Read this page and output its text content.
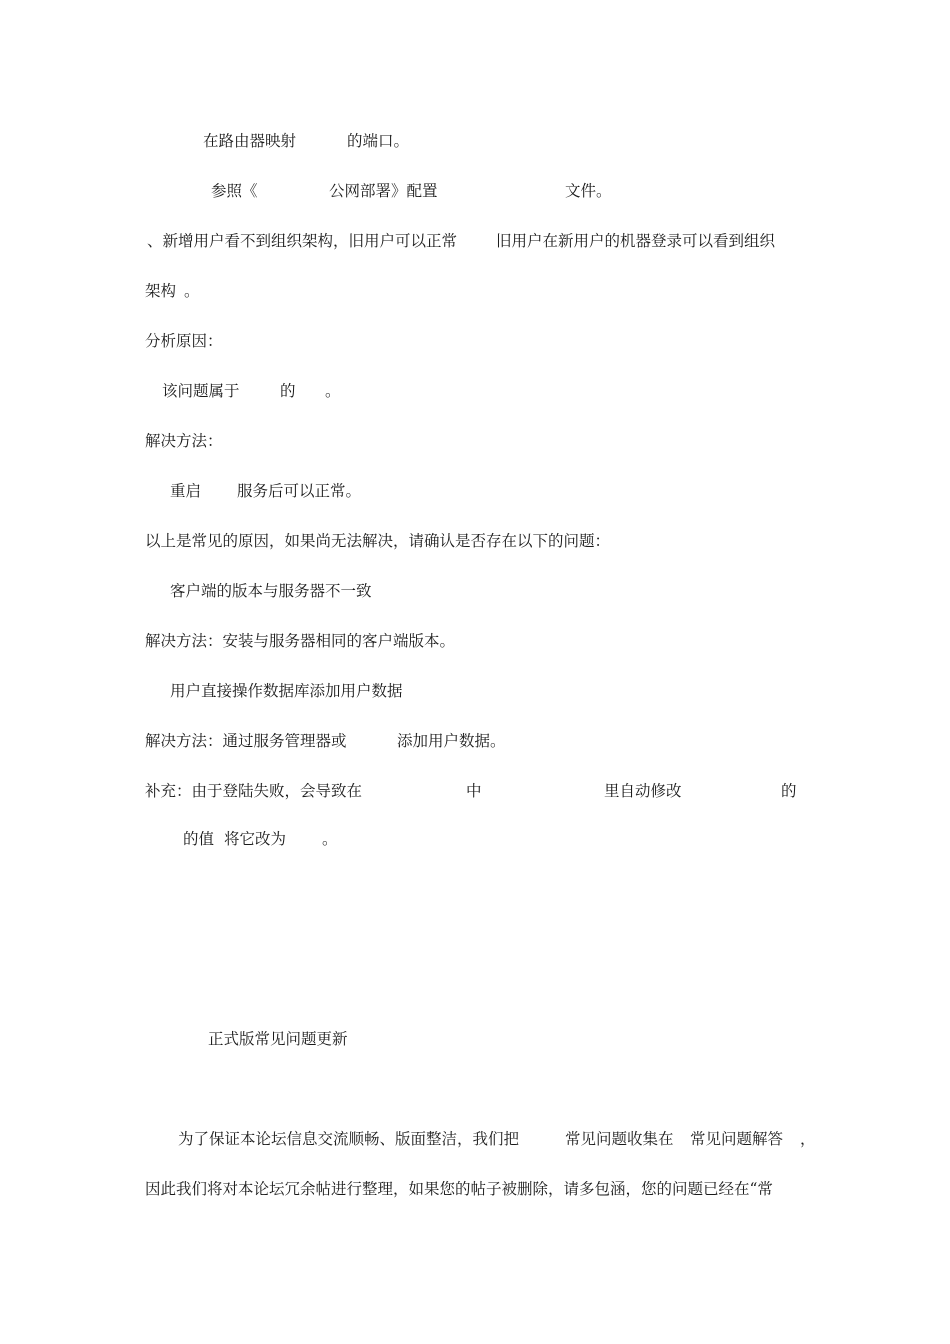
在路由器映射	的端口。
参照《	公网部署》配置	文件。
、新增用户看不到组织架构，旧用户可以正常	旧用户在新用户的机器登录可以看到组织
架构 。
分析原因：
该问题属于	的 。
解决方法：
重启 服务后可以正常。
以上是常见的原因，如果尚无法解决，请确认是否存在以下的问题：
客户端的版本与服务器不一致
解决方法：安装与服务器相同的客户端版本。
用户直接操作数据库添加用户数据
解决方法：通过服务管理器或	添加用户数据。
补充：由于登陆失败，会导致在	中	里自动修改	的
的值 将它改为 。
正式版常见问题更新
为了保证本论坛信息交流顺畅、版面整洁，我们把	常见问题收集在 常见问题解答 ，
因此我们将对本论坛冗余帖进行整理，如果您的帖子被删除，请多包涵，您的问题已经在“常
